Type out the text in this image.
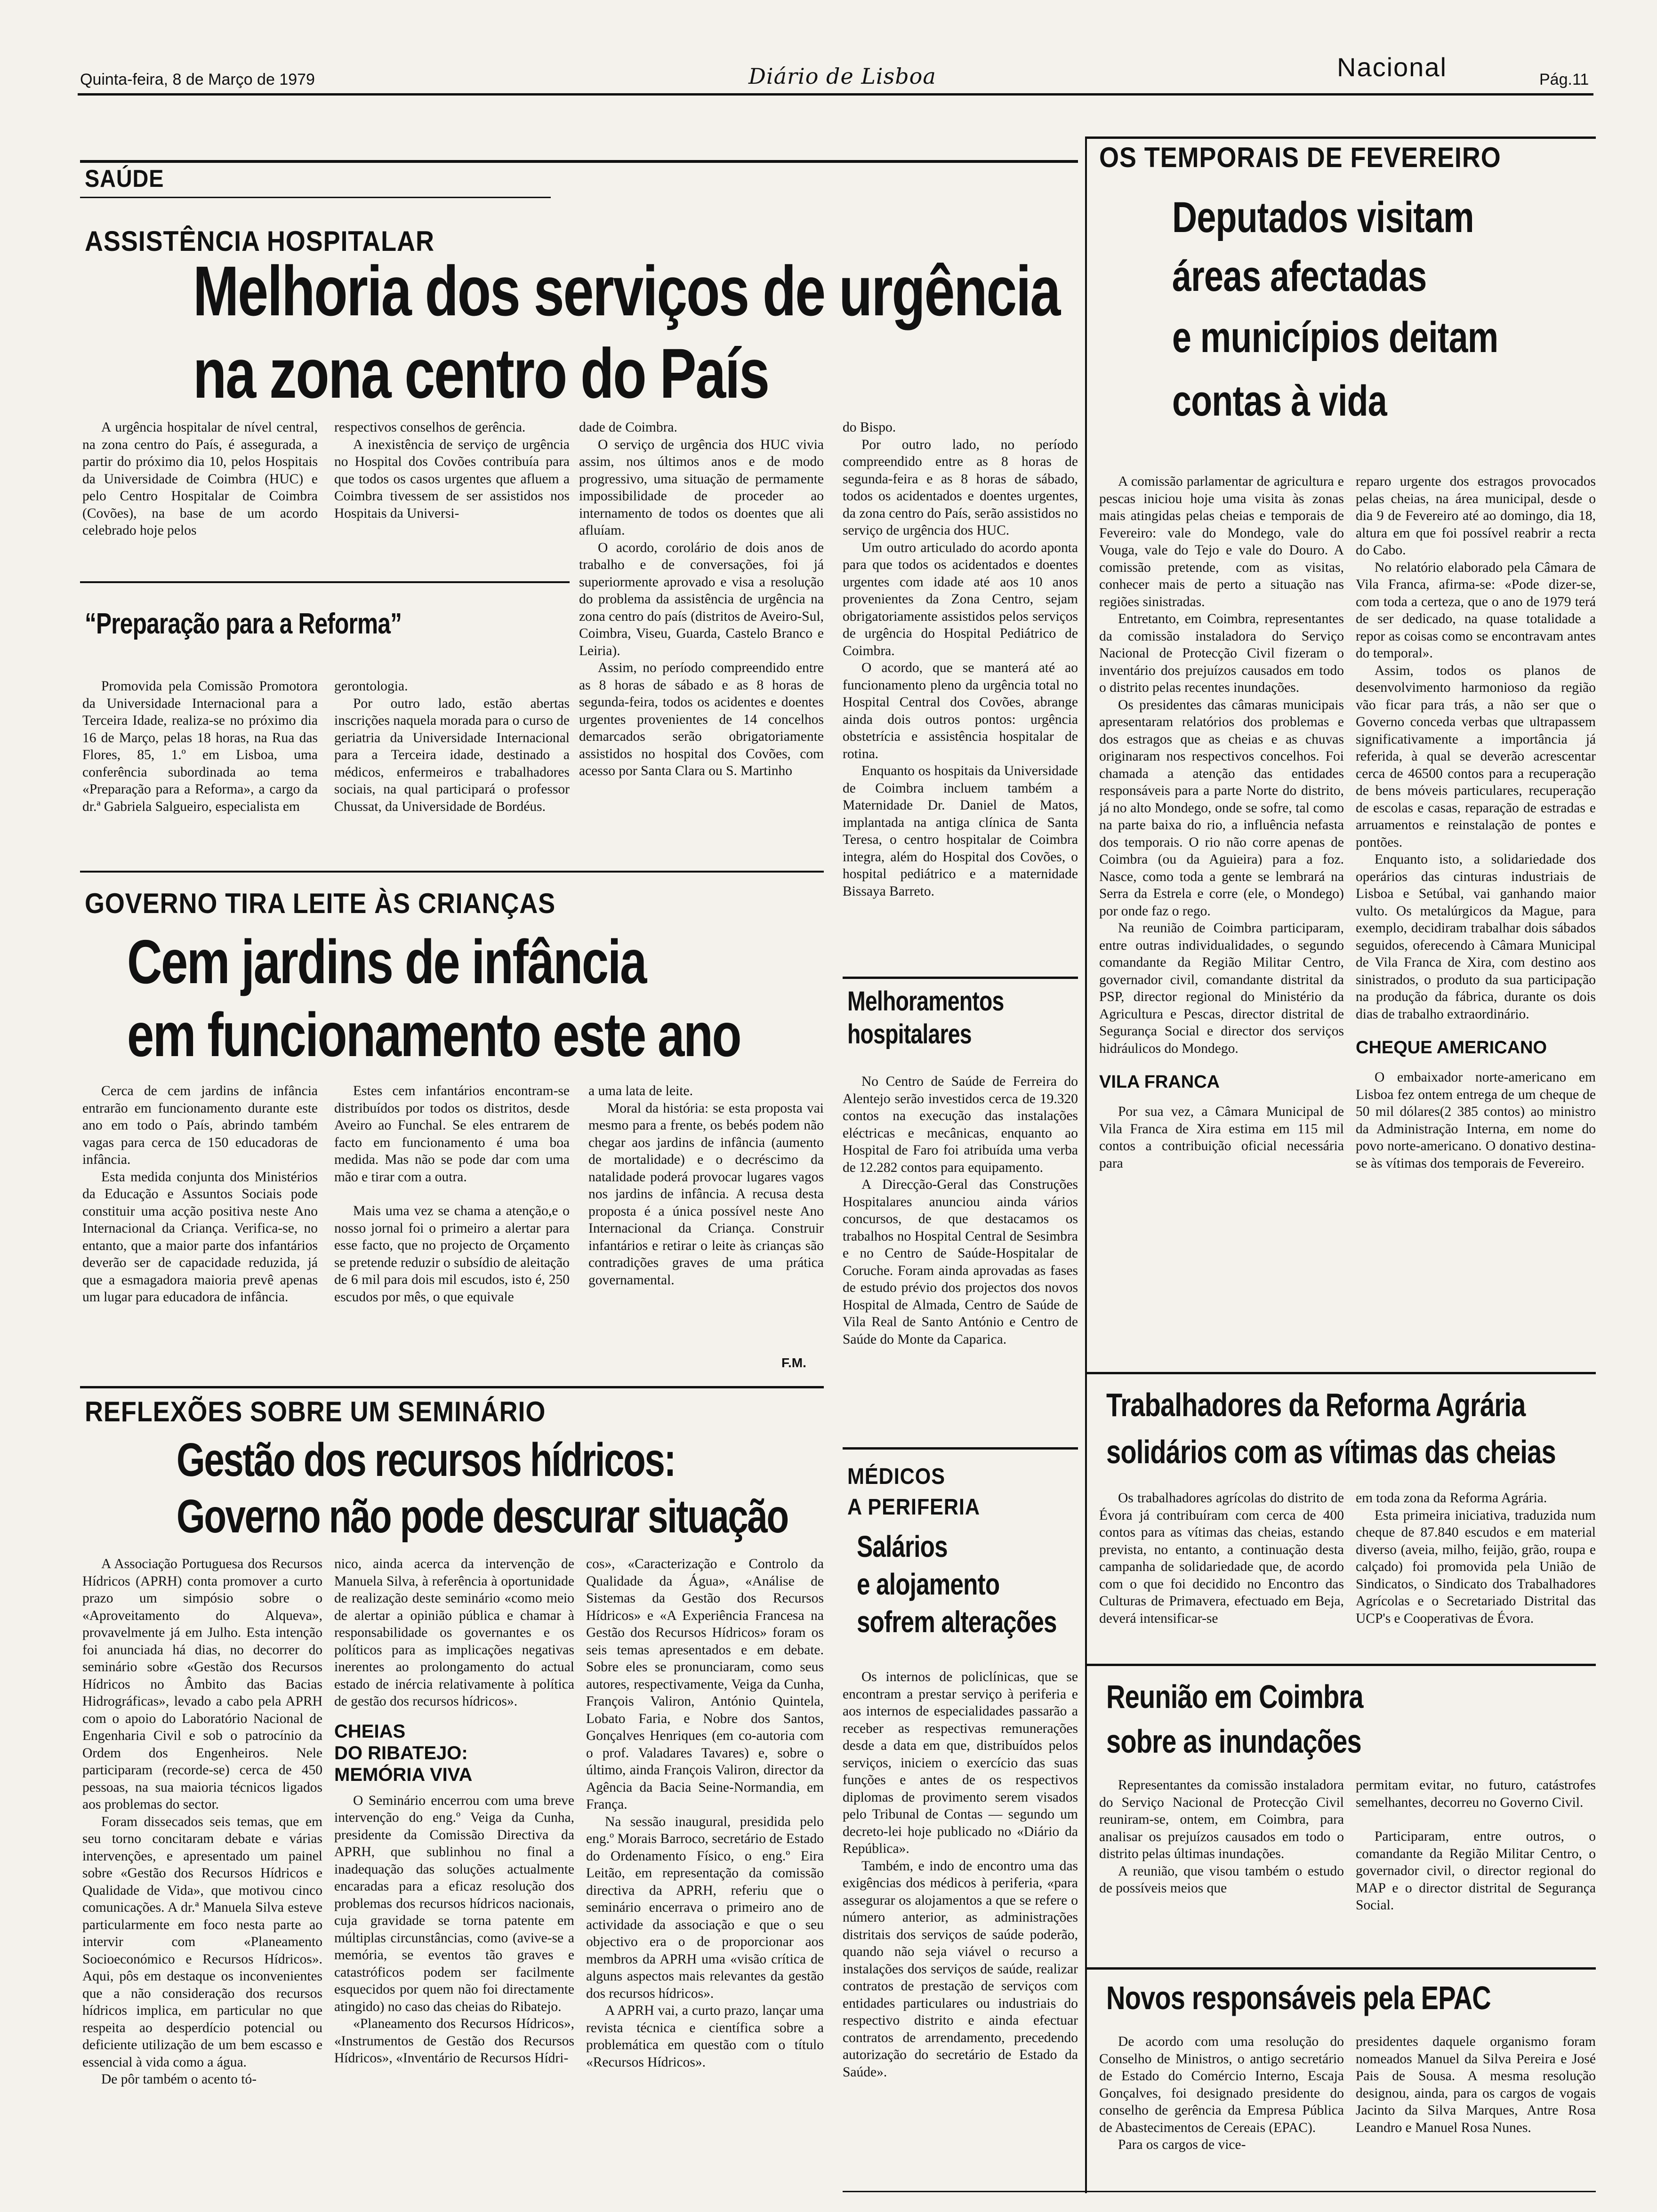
Quinta-feira, 8 de Março de 1979	Diário de Lisboa	Nacional	Pág.11
SAÚDE
ASSISTÊNCIA HOSPITALAR
Melhoria dos serviços de urgência
na zona centro do País

A urgência hospitalar de nível central, na zona centro do País, é assegurada, a partir do próximo dia 10, pelos Hospitais da Universidade de Coimbra (HUC) e pelo Centro Hospitalar de Coimbra (Covões), na base de um acordo celebrado hoje pelos

respectivos conselhos de gerência.

A inexistência de serviço de urgência no Hospital dos Covões contribuía para que todos os casos urgentes que afluem a Coimbra tivessem de ser assistidos nos Hospitais da Universi-

dade de Coimbra.

O serviço de urgência dos HUC vivia assim, nos últimos anos e de modo progressivo, uma situação de permamente impossibilidade de proceder ao internamento de todos os doentes que ali afluíam.

O acordo, corolário de dois anos de trabalho e de conversações, foi já superiormente aprovado e visa a resolução do problema da assistência de urgência na zona centro do país (distritos de Aveiro-Sul, Coimbra, Viseu, Guarda, Castelo Branco e Leiria).

Assim, no período compreendido entre as 8 horas de sábado e as 8 horas de segunda-feira, todos os acidentes e doentes urgentes provenientes de 14 concelhos demarcados serão obrigatoriamente assistidos no hospital dos Covões, com acesso por Santa Clara ou S. Martinho

do Bispo.

Por outro lado, no período compreendido entre as 8 horas de segunda-feira e as 8 horas de sábado, todos os acidentados e doentes urgentes, da zona centro do País, serão assistidos no serviço de urgência dos HUC.

Um outro articulado do acordo aponta para que todos os acidentados e doentes urgentes com idade até aos 10 anos provenientes da Zona Centro, sejam obrigatoriamente assistidos pelos serviços de urgência do Hospital Pediátrico de Coimbra.

O acordo, que se manterá até ao funcionamento pleno da urgência total no Hospital Central dos Covões, abrange ainda dois outros pontos: urgência obstetrícia e assistência hospitalar de rotina.

Enquanto os hospitais da Universidade de Coimbra incluem também a Maternidade Dr. Daniel de Matos, implantada na antiga clínica de Santa Teresa, o centro hospitalar de Coimbra integra, além do Hospital dos Covões, o hospital pediátrico e a maternidade Bissaya Barreto.

“Preparação para a Reforma”

Promovida pela Comissão Promotora da Universidade Internacional para a Terceira Idade, realiza-se no próximo dia 16 de Março, pelas 18 horas, na Rua das Flores, 85, 1.º em Lisboa, uma conferência subordinada ao tema «Preparação para a Reforma», a cargo da dr.ª Gabriela Salgueiro, especialista em

gerontologia.

Por outro lado, estão abertas inscrições naquela morada para o curso de geriatria da Universidade Internacional para a Terceira idade, destinado a médicos, enfermeiros e trabalhadores sociais, na qual participará o professor Chussat, da Universidade de Bordéus.

GOVERNO TIRA LEITE ÀS CRIANÇAS
Cem jardins de infância
em funcionamento este ano

Cerca de cem jardins de infância entrarão em funcionamento durante este ano em todo o País, abrindo também vagas para cerca de 150 educadoras de infância.

Esta medida conjunta dos Ministérios da Educação e Assuntos Sociais pode constituir uma acção positiva neste Ano Internacional da Criança. Verifica-se, no entanto, que a maior parte dos infantários deverão ser de capacidade reduzida, já que a esmagadora maioria prevê apenas um lugar para educadora de infância.

Estes cem infantários encontram-se distribuídos por todos os distritos, desde Aveiro ao Funchal. Se eles entrarem de facto em funcionamento é uma boa medida. Mas não se pode dar com uma mão e tirar com a outra.

Mais uma vez se chama a atenção,e o nosso jornal foi o primeiro a alertar para esse facto, que no projecto de Orçamento se pretende reduzir o subsídio de aleitação de 6 mil para dois mil escudos, isto é, 250 escudos por mês, o que equivale

a uma lata de leite.

Moral da história: se esta proposta vai mesmo para a frente, os bebés podem não chegar aos jardins de infância (aumento de mortalidade) e o decréscimo da natalidade poderá provocar lugares vagos nos jardins de infância. A recusa desta proposta é a única possível neste Ano Internacional da Criança. Construir infantários e retirar o leite às crianças são contradições graves de uma prática governamental.

F.M.
REFLEXÕES SOBRE UM SEMINÁRIO
Gestão dos recursos hídricos:
Governo não pode descurar situação

A Associação Portuguesa dos Recursos Hídricos (APRH) conta promover a curto prazo um simpósio sobre o «Aproveitamento do Alqueva», provavelmente já em Julho. Esta intenção foi anunciada há dias, no decorrer do seminário sobre «Gestão dos Recursos Hídricos no Âmbito das Bacias Hidrográficas», levado a cabo pela APRH com o apoio do Laboratório Nacional de Engenharia Civil e sob o patrocínio da Ordem dos Engenheiros. Nele participaram (recorde-se) cerca de 450 pessoas, na sua maioria técnicos ligados aos problemas do sector.

Foram dissecados seis temas, que em seu torno concitaram debate e várias intervenções, e apresentado um painel sobre «Gestão dos Recursos Hídricos e Qualidade de Vida», que motivou cinco comunicações. A dr.ª Manuela Silva esteve particularmente em foco nesta parte ao intervir com «Planeamento Socioeconómico e Recursos Hídricos». Aqui, pôs em destaque os inconvenientes que a não consideração dos recursos hídricos implica, em particular no que respeita ao desperdício potencial ou deficiente utilização de um bem escasso e essencial à vida como a água.

De pôr também o acento tó-

nico, ainda acerca da intervenção de Manuela Silva, à referência à oportunidade de realização deste seminário «como meio de alertar a opinião pública e chamar à responsabilidade os governantes e os políticos para as implicações negativas inerentes ao prolongamento do actual estado de inércia relativamente à política de gestão dos recursos hídricos».

CHEIAS
DO RIBATEJO:
MEMÓRIA VIVA

O Seminário encerrou com uma breve intervenção do eng.º Veiga da Cunha, presidente da Comissão Directiva da APRH, que sublinhou no final a inadequação das soluções actualmente encaradas para a eficaz resolução dos problemas dos recursos hídricos nacionais, cuja gravidade se torna patente em múltiplas circunstâncias, como (avive-se a memória, se eventos tão graves e catastróficos podem ser facilmente esquecidos por quem não foi directamente atingido) no caso das cheias do Ribatejo.

«Planeamento dos Recursos Hídricos», «Instrumentos de Gestão dos Recursos Hídricos», «Inventário de Recursos Hídri-

cos», «Caracterização e Controlo da Qualidade da Água», «Análise de Sistemas da Gestão dos Recursos Hídricos» e «A Experiência Francesa na Gestão dos Recursos Hídricos» foram os seis temas apresentados e em debate. Sobre eles se pronunciaram, como seus autores, respectivamente, Veiga da Cunha, François Valiron, António Quintela, Lobato Faria, e Nobre dos Santos, Gonçalves Henriques (em co-autoria com o prof. Valadares Tavares) e, sobre o último, ainda François Valiron, director da Agência da Bacia Seine-Normandia, em França.

Na sessão inaugural, presidida pelo eng.º Morais Barroco, secretário de Estado do Ordenamento Físico, o eng.º Eira Leitão, em representação da comissão directiva da APRH, referiu que o seminário encerrava o primeiro ano de actividade da associação e que o seu objectivo era o de proporcionar aos membros da APRH uma «visão crítica de alguns aspectos mais relevantes da gestão dos recursos hídricos».

A APRH vai, a curto prazo, lançar uma revista técnica e científica sobre a problemática em questão com o título «Recursos Hídricos».

Melhoramentos
hospitalares

No Centro de Saúde de Ferreira do Alentejo serão investidos cerca de 19.320 contos na execução das instalações eléctricas e mecânicas, enquanto ao Hospital de Faro foi atribuída uma verba de 12.282 contos para equipamento.

A Direcção-Geral das Construções Hospitalares anunciou ainda vários concursos, de que destacamos os trabalhos no Hospital Central de Sesimbra e no Centro de Saúde-Hospitalar de Coruche. Foram ainda aprovadas as fases de estudo prévio dos projectos dos novos Hospital de Almada, Centro de Saúde de Vila Real de Santo António e Centro de Saúde do Monte da Caparica.

MÉDICOS
A PERIFERIA
Salários
e alojamento
sofrem alterações

Os internos de policlínicas, que se encontram a prestar serviço à periferia e aos internos de especialidades passarão a receber as respectivas remunerações desde a data em que, distribuídos pelos serviços, iniciem o exercício das suas funções e antes de os respectivos diplomas de provimento serem visados pelo Tribunal de Contas — segundo um decreto-lei hoje publicado no «Diário da República».

Também, e indo de encontro uma das exigências dos médicos à periferia, «para assegurar os alojamentos a que se refere o número anterior, as administrações distritais dos serviços de saúde poderão, quando não seja viável o recurso a instalações dos serviços de saúde, realizar contratos de prestação de serviços com entidades particulares ou industriais do respectivo distrito e ainda efectuar contratos de arrendamento, precedendo autorização do secretário de Estado da Saúde».

OS TEMPORAIS DE FEVEREIRO
Deputados visitam
áreas afectadas
e municípios deitam
contas à vida

A comissão parlamentar de agricultura e pescas iniciou hoje uma visita às zonas mais atingidas pelas cheias e temporais de Fevereiro: vale do Mondego, vale do Vouga, vale do Tejo e vale do Douro. A comissão pretende, com as visitas, conhecer mais de perto a situação nas regiões sinistradas.

Entretanto, em Coimbra, representantes da comissão instaladora do Serviço Nacional de Protecção Civil fizeram o inventário dos prejuízos causados em todo o distrito pelas recentes inundações.

Os presidentes das câmaras municipais apresentaram relatórios dos problemas e dos estragos que as cheias e as chuvas originaram nos respectivos concelhos. Foi chamada a atenção das entidades responsáveis para a parte Norte do distrito, já no alto Mondego, onde se sofre, tal como na parte baixa do rio, a influência nefasta dos temporais. O rio não corre apenas de Coimbra (ou da Aguieira) para a foz. Nasce, como toda a gente se lembrará na Serra da Estrela e corre (ele, o Mondego) por onde faz o rego.

Na reunião de Coimbra participaram, entre outras individualidades, o segundo comandante da Região Militar Centro, governador civil, comandante distrital da PSP, director regional do Ministério da Agricultura e Pescas, director distrital de Segurança Social e director dos serviços hidráulicos do Mondego.

VILA FRANCA

Por sua vez, a Câmara Municipal de Vila Franca de Xira estima em 115 mil contos a contribuição oficial necessária para

reparo urgente dos estragos provocados pelas cheias, na área municipal, desde o dia 9 de Fevereiro até ao domingo, dia 18, altura em que foi possível reabrir a recta do Cabo.

No relatório elaborado pela Câmara de Vila Franca, afirma-se: «Pode dizer-se, com toda a certeza, que o ano de 1979 terá de ser dedicado, na quase totalidade a repor as coisas como se encontravam antes do temporal».

Assim, todos os planos de desenvolvimento harmonioso da região vão ficar para trás, a não ser que o Governo conceda verbas que ultrapassem significativamente a importância já referida, à qual se deverão acrescentar cerca de 46500 contos para a recuperação de bens móveis particulares, recuperação de escolas e casas, reparação de estradas e arruamentos e reinstalação de pontes e pontões.

Enquanto isto, a solidariedade dos operários das cinturas industriais de Lisboa e Setúbal, vai ganhando maior vulto. Os metalúrgicos da Mague, para exemplo, decidiram trabalhar dois sábados seguidos, oferecendo à Câmara Municipal de Vila Franca de Xira, com destino aos sinistrados, o produto da sua participação na produção da fábrica, durante os dois dias de trabalho extraordinário.

CHEQUE AMERICANO

O embaixador norte-americano em Lisboa fez ontem entrega de um cheque de 50 mil dólares(2 385 contos) ao ministro da Administração Interna, em nome do povo norte-americano. O donativo destina-se às vítimas dos temporais de Fevereiro.

Trabalhadores da Reforma Agrária
solidários com as vítimas das cheias

Os trabalhadores agrícolas do distrito de Évora já contribuíram com cerca de 400 contos para as vítimas das cheias, estando prevista, no entanto, a continuação desta campanha de solidariedade que, de acordo com o que foi decidido no Encontro das Culturas de Primavera, efectuado em Beja, deverá intensificar-se

em toda zona da Reforma Agrária.

Esta primeira iniciativa, traduzida num cheque de 87.840 escudos e em material diverso (aveia, milho, feijão, grão, roupa e calçado) foi promovida pela União de Sindicatos, o Sindicato dos Trabalhadores Agrícolas e o Secretariado Distrital das UCP's e Cooperativas de Évora.

Reunião em Coimbra
sobre as inundações

Representantes da comissão instaladora do Serviço Nacional de Protecção Civil reuniram-se, ontem, em Coimbra, para analisar os prejuízos causados em todo o distrito pelas últimas inundações.

A reunião, que visou também o estudo de possíveis meios que

permitam evitar, no futuro, catástrofes semelhantes, decorreu no Governo Civil.

Participaram, entre outros, o comandante da Região Militar Centro, o governador civil, o director regional do MAP e o director distrital de Segurança Social.

Novos responsáveis pela EPAC

De acordo com uma resolução do Conselho de Ministros, o antigo secretário de Estado do Comércio Interno, Escaja Gonçalves, foi designado presidente do conselho de gerência da Empresa Pública de Abastecimentos de Cereais (EPAC).

Para os cargos de vice-

presidentes daquele organismo foram nomeados Manuel da Silva Pereira e José Pais de Sousa. A mesma resolução designou, ainda, para os cargos de vogais Jacinto da Silva Marques, Antre Rosa Leandro e Manuel Rosa Nunes.
